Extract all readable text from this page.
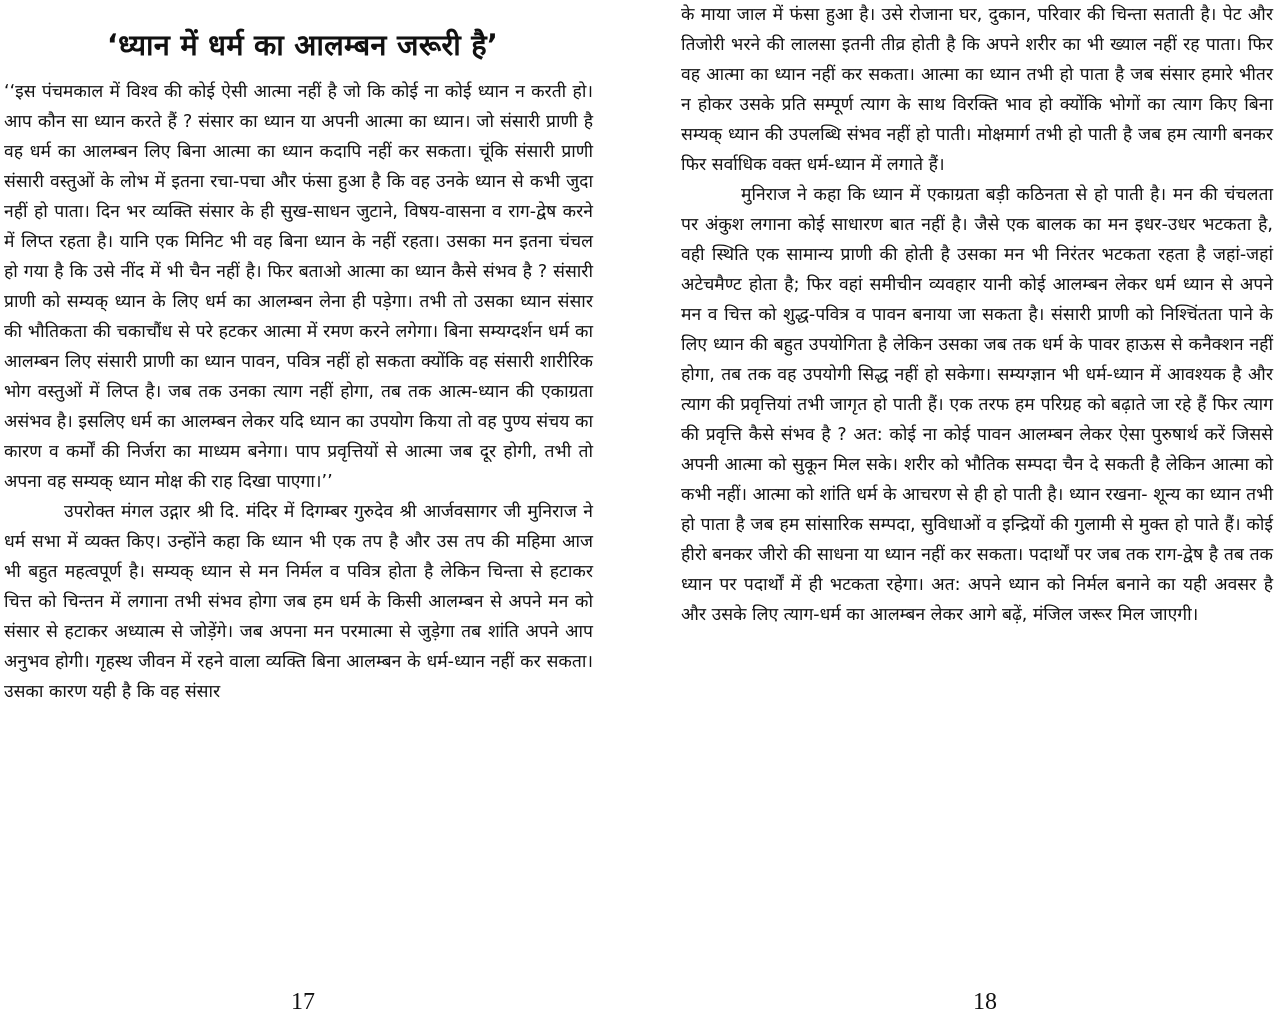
‘ध्यान में धर्म का आलम्बन जरूरी है’

‘‘इस पंचमकाल में विश्व की कोई ऐसी आत्मा नहीं है जो कि कोई ना कोई ध्यान न करती हो। आप कौन सा ध्यान करते हैं ? संसार का ध्यान या अपनी आत्मा का ध्यान। जो संसारी प्राणी है वह धर्म का आलम्बन लिए बिना आत्मा का ध्यान कदापि नहीं कर सकता। चूंकि संसारी प्राणी संसारी वस्तुओं के लोभ में इतना रचा-पचा और फंसा हुआ है कि वह उनके ध्यान से कभी जुदा नहीं हो पाता। दिन भर व्यक्ति संसार के ही सुख-साधन जुटाने, विषय-वासना व राग-द्वेष करने में लिप्त रहता है। यानि एक मिनिट भी वह बिना ध्यान के नहीं रहता। उसका मन इतना चंचल हो गया है कि उसे नींद में भी चैन नहीं है। फिर बताओ आत्मा का ध्यान कैसे संभव है ? संसारी प्राणी को सम्यक् ध्यान के लिए धर्म का आलम्बन लेना ही पड़ेगा। तभी तो उसका ध्यान संसार की भौतिकता की चकाचौंध से परे हटकर आत्मा में रमण करने लगेगा। बिना सम्यग्दर्शन धर्म का आलम्बन लिए संसारी प्राणी का ध्यान पावन, पवित्र नहीं हो सकता क्योंकि वह संसारी शारीरिक भोग वस्तुओं में लिप्त है। जब तक उनका त्याग नहीं होगा, तब तक आत्म-ध्यान की एकाग्रता असंभव है। इसलिए धर्म का आलम्बन लेकर यदि ध्यान का उपयोग किया तो वह पुण्य संचय का कारण व कर्मों की निर्जरा का माध्यम बनेगा। पाप प्रवृत्तियों से आत्मा जब दूर होगी, तभी तो अपना वह सम्यक् ध्यान मोक्ष की राह दिखा पाएगा।’’

उपरोक्त मंगल उद्गार श्री दि. मंदिर में दिगम्बर गुरुदेव श्री आर्जवसागर जी मुनिराज ने धर्म सभा में व्यक्त किए। उन्होंने कहा कि ध्यान भी एक तप है और उस तप की महिमा आज भी बहुत महत्वपूर्ण है। सम्यक् ध्यान से मन निर्मल व पवित्र होता है लेकिन चिन्ता से हटाकर चित्त को चिन्तन में लगाना तभी संभव होगा जब हम धर्म के किसी आलम्बन से अपने मन को संसार से हटाकर अध्यात्म से जोड़ेंगे। जब अपना मन परमात्मा से जुड़ेगा तब शांति अपने आप अनुभव होगी। गृहस्थ जीवन में रहने वाला व्यक्ति बिना आलम्बन के धर्म-ध्यान नहीं कर सकता। उसका कारण यही है कि वह संसार

17

के माया जाल में फंसा हुआ है। उसे रोजाना घर, दुकान, परिवार की चिन्ता सताती है। पेट और तिजोरी भरने की लालसा इतनी तीव्र होती है कि अपने शरीर का भी ख्याल नहीं रह पाता। फिर वह आत्मा का ध्यान नहीं कर सकता। आत्मा का ध्यान तभी हो पाता है जब संसार हमारे भीतर न होकर उसके प्रति सम्पूर्ण त्याग के साथ विरक्ति भाव हो क्योंकि भोगों का त्याग किए बिना सम्यक् ध्यान की उपलब्धि संभव नहीं हो पाती। मोक्षमार्ग तभी हो पाती है जब हम त्यागी बनकर फिर सर्वाधिक वक्त धर्म-ध्यान में लगाते हैं।

मुनिराज ने कहा कि ध्यान में एकाग्रता बड़ी कठिनता से हो पाती है। मन की चंचलता पर अंकुश लगाना कोई साधारण बात नहीं है। जैसे एक बालक का मन इधर-उधर भटकता है, वही स्थिति एक सामान्य प्राणी की होती है उसका मन भी निरंतर भटकता रहता है जहां-जहां अटेचमैण्ट होता है; फिर वहां समीचीन व्यवहार यानी कोई आलम्बन लेकर धर्म ध्यान से अपने मन व चित्त को शुद्ध-पवित्र व पावन बनाया जा सकता है। संसारी प्राणी को निश्चिंतता पाने के लिए ध्यान की बहुत उपयोगिता है लेकिन उसका जब तक धर्म के पावर हाऊस से कनैक्शन नहीं होगा, तब तक वह उपयोगी सिद्ध नहीं हो सकेगा। सम्यग्ज्ञान भी धर्म-ध्यान में आवश्यक है और त्याग की प्रवृत्तियां तभी जागृत हो पाती हैं। एक तरफ हम परिग्रह को बढ़ाते जा रहे हैं फिर त्याग की प्रवृत्ति कैसे संभव है ? अत: कोई ना कोई पावन आलम्बन लेकर ऐसा पुरुषार्थ करें जिससे अपनी आत्मा को सुकून मिल सके। शरीर को भौतिक सम्पदा चैन दे सकती है लेकिन आत्मा को कभी नहीं। आत्मा को शांति धर्म के आचरण से ही हो पाती है। ध्यान रखना- शून्य का ध्यान तभी हो पाता है जब हम सांसारिक सम्पदा, सुविधाओं व इन्द्रियों की गुलामी से मुक्त हो पाते हैं। कोई हीरो बनकर जीरो की साधना या ध्यान नहीं कर सकता। पदार्थों पर जब तक राग-द्वेष है तब तक ध्यान पर पदार्थों में ही भटकता रहेगा। अत: अपने ध्यान को निर्मल बनाने का यही अवसर है और उसके लिए त्याग-धर्म का आलम्बन लेकर आगे बढ़ें, मंजिल जरूर मिल जाएगी।

18
